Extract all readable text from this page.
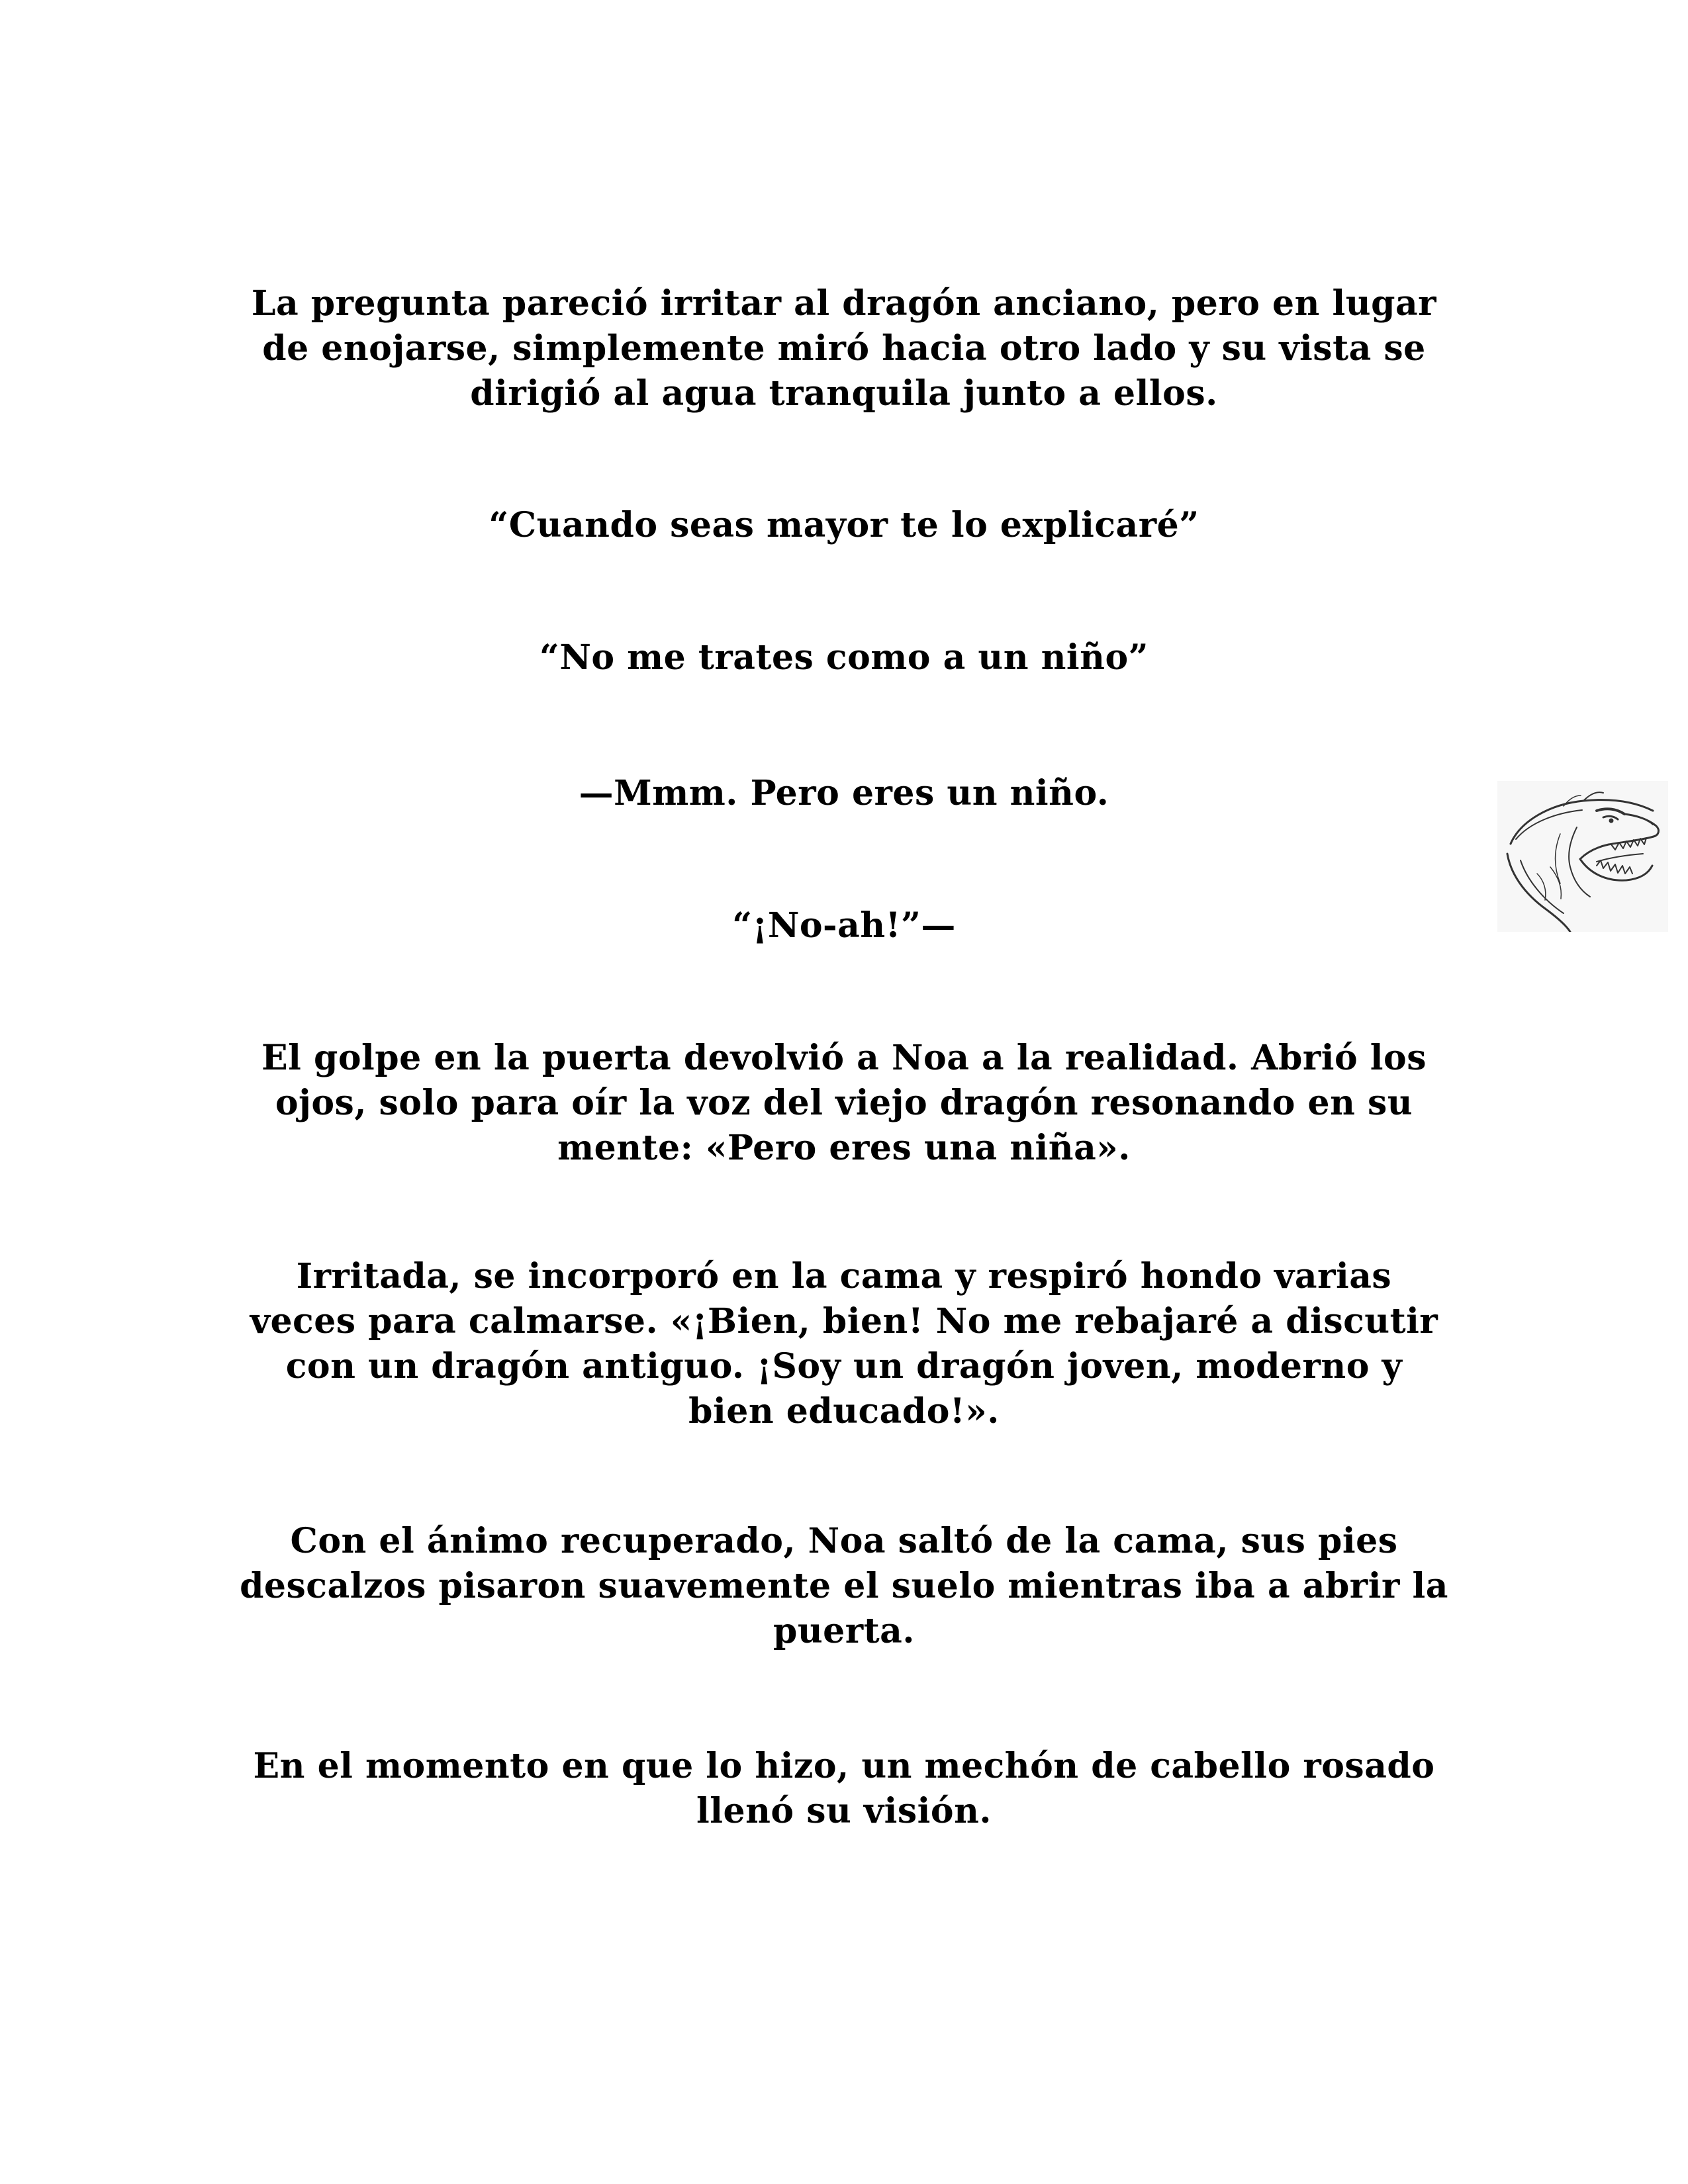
La pregunta pareció irritar al dragón anciano, pero en lugar de enojarse, simplemente miró hacia otro lado y su vista se dirigió al agua tranquila junto a ellos.

“Cuando seas mayor te lo explicaré”

“No me trates como a un niño”

—Mmm. Pero eres un niño.

“¡No-ah!”—

El golpe en la puerta devolvió a Noa a la realidad. Abrió los ojos, solo para oír la voz del viejo dragón resonando en su mente: «Pero eres una niña».

Irritada, se incorporó en la cama y respiró hondo varias veces para calmarse. «¡Bien, bien! No me rebajaré a discutir con un dragón antiguo. ¡Soy un dragón joven, moderno y bien educado!».

Con el ánimo recuperado, Noa saltó de la cama, sus pies descalzos pisaron suavemente el suelo mientras iba a abrir la puerta.

En el momento en que lo hizo, un mechón de cabello rosado llenó su visión.
